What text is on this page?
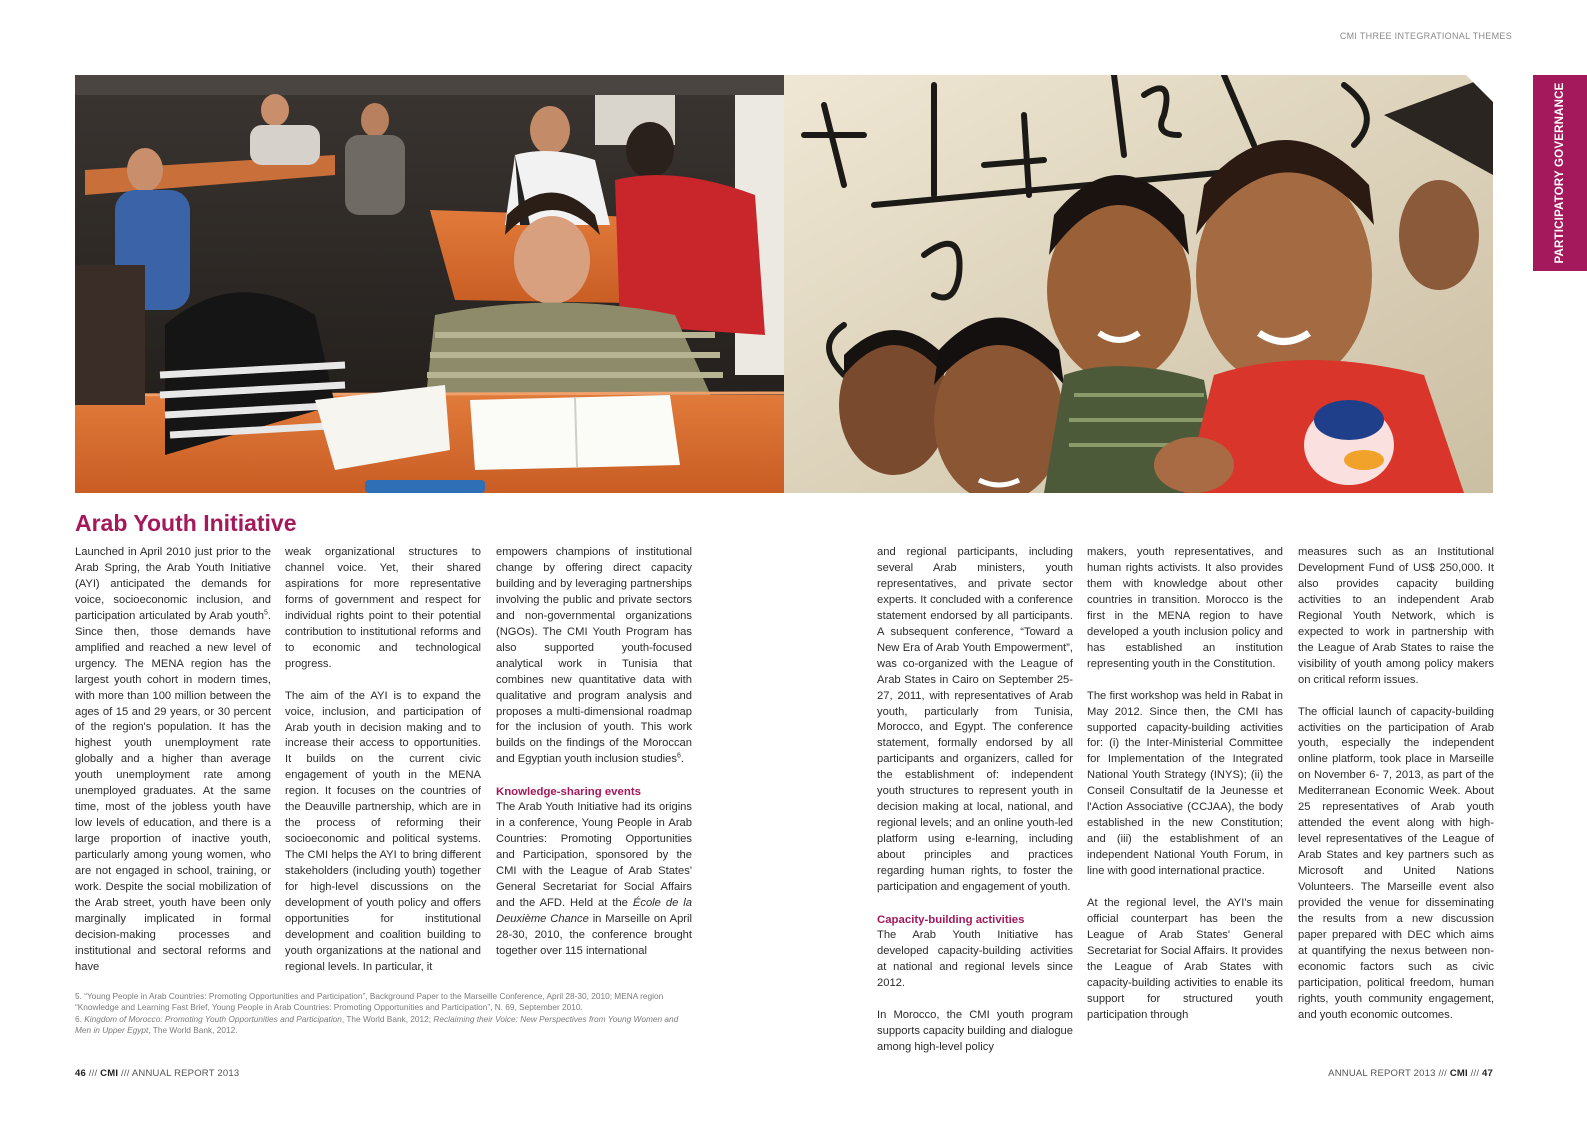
CMI THREE INTEGRATIONAL THEMES
PARTICIPATORY GOVERNANCE
Arab Youth Initiative

Launched in April 2010 just prior to the Arab Spring, the Arab Youth Initiative (AYI) anticipated the demands for voice, socioeconomic inclusion, and participation articulated by Arab youth$^5$. Since then, those demands have amplified and reached a new level of urgency. The MENA region has the largest youth cohort in modern times, with more than 100 million between the ages of 15 and 29 years, or 30 percent of the region's population. It has the highest youth unemployment rate globally and a higher than average youth unemployment rate among unemployed graduates. At the same time, most of the jobless youth have low levels of education, and there is a large proportion of inactive youth, particularly among young women, who are not engaged in school, training, or work. Despite the social mobilization of the Arab street, youth have been only marginally implicated in formal decision-making processes and institutional and sectoral reforms and have

weak organizational structures to channel voice. Yet, their shared aspirations for more representative forms of government and respect for individual rights point to their potential contribution to institutional reforms and to economic and technological progress.

The aim of the AYI is to expand the voice, inclusion, and participation of Arab youth in decision making and to increase their access to opportunities. It builds on the current civic engagement of youth in the MENA region. It focuses on the countries of the Deauville partnership, which are in the process of reforming their socioeconomic and political systems. The CMI helps the AYI to bring different stakeholders (including youth) together for high-level discussions on the development of youth policy and offers opportunities for institutional development and coalition building to youth organizations at the national and regional levels. In particular, it

empowers champions of institutional change by offering direct capacity building and by leveraging partnerships involving the public and private sectors and non-governmental organizations (NGOs). The CMI Youth Program has also supported youth-focused analytical work in Tunisia that combines new quantitative data with qualitative and program analysis and proposes a multi-dimensional roadmap for the inclusion of youth. This work builds on the findings of the Moroccan and Egyptian youth inclusion studies$^6$.

Knowledge-sharing events

The Arab Youth Initiative had its origins in a conference, Young People in Arab Countries: Promoting Opportunities and Participation, sponsored by the CMI with the League of Arab States' General Secretariat for Social Affairs and the AFD. Held at the École de la Deuxième Chance in Marseille on April 28-30, 2010, the conference brought together over 115 international

and regional participants, including several Arab ministers, youth representatives, and private sector experts. It concluded with a conference statement endorsed by all participants. A subsequent conference, “Toward a New Era of Arab Youth Empowerment”, was co-organized with the League of Arab States in Cairo on September 25-27, 2011, with representatives of Arab youth, particularly from Tunisia, Morocco, and Egypt. The conference statement, formally endorsed by all participants and organizers, called for the establishment of: independent youth structures to represent youth in decision making at local, national, and regional levels; and an online youth-led platform using e-learning, including about principles and practices regarding human rights, to foster the participation and engagement of youth.

Capacity-building activities

The Arab Youth Initiative has developed capacity-building activities at national and regional levels since 2012.

In Morocco, the CMI youth program supports capacity building and dialogue among high-level policy

makers, youth representatives, and human rights activists. It also provides them with knowledge about other countries in transition. Morocco is the first in the MENA region to have developed a youth inclusion policy and has established an institution representing youth in the Constitution.

The first workshop was held in Rabat in May 2012. Since then, the CMI has supported capacity-building activities for: (i) the Inter-Ministerial Committee for Implementation of the Integrated National Youth Strategy (INYS); (ii) the Conseil Consultatif de la Jeunesse et l'Action Associative (CCJAA), the body established in the new Constitution; and (iii) the establishment of an independent National Youth Forum, in line with good international practice.

At the regional level, the AYI's main official counterpart has been the League of Arab States' General Secretariat for Social Affairs. It provides the League of Arab States with capacity-building activities to enable its support for structured youth participation through

measures such as an Institutional Development Fund of US$ 250,000. It also provides capacity building activities to an independent Arab Regional Youth Network, which is expected to work in partnership with the League of Arab States to raise the visibility of youth among policy makers on critical reform issues.

The official launch of capacity-building activities on the participation of Arab youth, especially the independent online platform, took place in Marseille on November 6- 7, 2013, as part of the Mediterranean Economic Week. About 25 representatives of Arab youth attended the event along with high-level representatives of the League of Arab States and key partners such as Microsoft and United Nations Volunteers. The Marseille event also provided the venue for disseminating the results from a new discussion paper prepared with DEC which aims at quantifying the nexus between non-economic factors such as civic participation, political freedom, human rights, youth community engagement, and youth economic outcomes.

5. “Young People in Arab Countries: Promoting Opportunities and Participation”, Background Paper to the Marseille Conference, April 28-30, 2010; MENA region “Knowledge and Learning Fast Brief, Young People in Arab Countries: Promoting Opportunities and Participation”, N. 69, September 2010.
6. Kingdom of Morocco: Promoting Youth Opportunities and Participation, The World Bank, 2012; Reclaiming their Voice: New Perspectives from Young Women and Men in Upper Egypt, The World Bank, 2012.
46 /// CMI /// ANNUAL REPORT 2013	ANNUAL REPORT 2013 /// CMI /// 47
